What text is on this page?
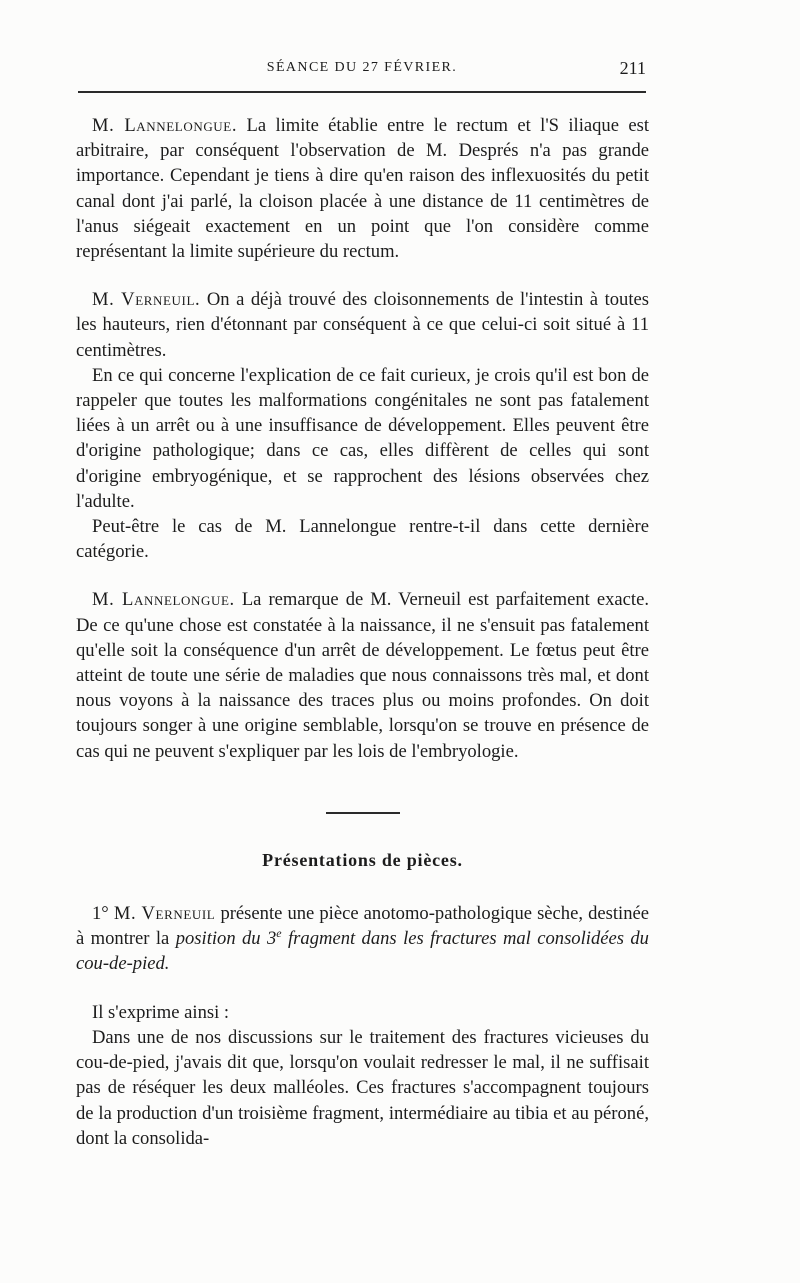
SÉANCE DU 27 FÉVRIER.	211

M. Lannelongue. La limite établie entre le rectum et l'S iliaque est arbitraire, par conséquent l'observation de M. Després n'a pas grande importance. Cependant je tiens à dire qu'en raison des inflexuosités du petit canal dont j'ai parlé, la cloison placée à une distance de 11 centimètres de l'anus siégeait exactement en un point que l'on considère comme représentant la limite supérieure du rectum.

M. Verneuil. On a déjà trouvé des cloisonnements de l'intestin à toutes les hauteurs, rien d'étonnant par conséquent à ce que celui-ci soit situé à 11 centimètres.

En ce qui concerne l'explication de ce fait curieux, je crois qu'il est bon de rappeler que toutes les malformations congénitales ne sont pas fatalement liées à un arrêt ou à une insuffisance de développement. Elles peuvent être d'origine pathologique; dans ce cas, elles diffèrent de celles qui sont d'origine embryogénique, et se rapprochent des lésions observées chez l'adulte.

Peut-être le cas de M. Lannelongue rentre-t-il dans cette dernière catégorie.

M. Lannelongue. La remarque de M. Verneuil est parfaitement exacte. De ce qu'une chose est constatée à la naissance, il ne s'ensuit pas fatalement qu'elle soit la conséquence d'un arrêt de développement. Le fœtus peut être atteint de toute une série de maladies que nous connaissons très mal, et dont nous voyons à la naissance des traces plus ou moins profondes. On doit toujours songer à une origine semblable, lorsqu'on se trouve en présence de cas qui ne peuvent s'expliquer par les lois de l'embryologie.

Présentations de pièces.

1° M. Verneuil présente une pièce anotomo-pathologique sèche, destinée à montrer la position du 3e fragment dans les fractures mal consolidées du cou-de-pied.

Il s'exprime ainsi :

Dans une de nos discussions sur le traitement des fractures vicieuses du cou-de-pied, j'avais dit que, lorsqu'on voulait redresser le mal, il ne suffisait pas de réséquer les deux malléoles. Ces fractures s'accompagnent toujours de la production d'un troisième fragment, intermédiaire au tibia et au péroné, dont la consolida-
